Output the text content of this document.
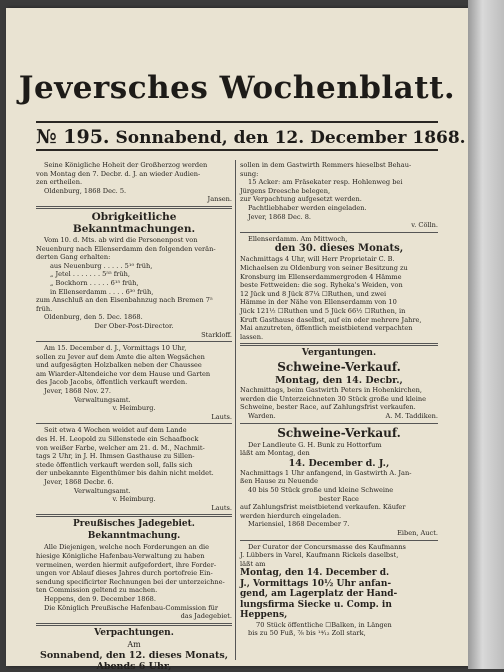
Jeversches Wochenblatt.
№ 195. Sonnabend, den 12. December 1868.

Seine Königliche Hoheit der Großherzog werden

von Montag den 7. Decbr. d. J. an wieder Audien-

zen ertheilen.

Oldenburg, 1868 Dec. 5.

Jansen.

Obrigkeitliche Bekanntmachungen.

Vom 10. d. Mts. ab wird die Personenpost von

Neuenburg nach Ellenserdamm den folgenden verän-

derten Gang erhalten:

aus Neuenburg . . . . . 5¹⁰ früh,

„ Jetel . . . . . . . 5⁵⁵ früh,

„ Bockhorn . . . . . 6¹⁵ früh,

in Ellenserdamm . . . . 6³⁰ früh,

zum Anschluß an den Eisenbahnzug nach Bremen 7⁵

früh.

Oldenburg, den 5. Dec. 1868.

Der Ober-Post-Director.

Starkloff.

Am 15. December d. J., Vormittags 10 Uhr,

sollen zu Jever auf dem Amte die alten Wegsächen

und aufgesägten Holzbalken neben der Chaussee

am Wiarder-Altendeiche vor dem Hause und Garten

des Jacob Jacobs, öffentlich verkauft werden.

Jever, 1868 Nov. 27.

Verwaltungsamt.

v. Heimburg.

Lauts.

Seit etwa 4 Wochen weidet auf dem Lande

des H. H. Leopold zu Sillenstede ein Schaafbock

von weißer Farbe, welcher am 21. d. M., Nachmit-

tags 2 Uhr, in J. H. Ihmsen Gasthause zu Sillen-

stede öffentlich verkauft werden soll, falls sich

der unbekannte Eigenthümer bis dahin nicht meldet.

Jever, 1868 Decbr. 6.

Verwaltungsamt.

v. Heimburg.

Lauts.

Preußisches Jadegebiet.

Bekanntmachung.

Alle Diejenigen, welche noch Forderungen an die

hiesige Königliche Hafenbau-Verwaltung zu haben

vermeinen, werden hiermit aufgefordert, ihre Forder-

ungen vor Ablauf dieses Jahres durch portofreie Ein-

sendung specificirter Rechnungen bei der unterzeichne-

ten Commission geltend zu machen.

Heppens, den 9. December 1868.

Die Königlich Preußische Hafenbau-Commission für

das Jadegebiet.

Verpachtungen.

Am

Sonnabend, den 12. dieses Monats,

Abends 6 Uhr,

sollen in dem Gastwirth Remmers hieselbst Behau-

sung:

15 Ackerː am Fräsekater resp. Hohlenweg bei

Jürgens Dreesche belegen,

zur Verpachtung aufgesetzt werden.

Pachtliebhaber werden eingeladen.

Jever, 1868 Dec. 8.

v. Cölln.

Ellenserdamm. Am Mittwoch,

den 30. dieses Monats,

Nachmittags 4 Uhr, will Herr Proprietair C. B.

Michaelsen zu Oldenburg von seiner Besitzung zu

Kronsburg im Ellenserdammergroden 4 Hämme

beste Fettweiden: die sog. Ryheka's Weiden, von

12 Jück und 8 Jück 87¼ ☐Ruthen, und zwei

Hämme in der Nähe von Ellenserdamm von 10

Jück 121½ ☐Ruthen und 5 Jück 66½ ☐Ruthen, in

Kruft Gasthause daselbst, auf ein oder mehrere Jahre,

Mai anzutreten, öffentlich meistbietend verpachten

lassen.

Vergantungen.

Schweine-Verkauf.

Montag, den 14. Decbr.,

Nachmittags, beim Gastwirth Peters in Hohenkirchen,

werden die Unterzeichneten 30 Stück große und kleine

Schweine, bester Race, auf Zahlungsfrist verkaufen.

Warden.	A. M. Taddiken.

Schweine-Verkauf.

Der Landleute G. H. Bunk zu Hottorfum

läßt am Montag, den

14. December d. J.,

Nachmittags 1 Uhr anfangend, in Gastwirth A. Jan-

ßen Hause zu Neuende

40 bis 50 Stück große und kleine Schweine

bester Race

auf Zahlungsfrist meistbietend verkaufen. Käufer

werden hierdurch eingeladen.

Mariensiel, 1868 December 7.

Eiben, Auct.

Der Curator der Concursmasse des Kaufmanns

J. Lübbers in Varel, Kaufmann Rickels daselbst,

läßt am

Montag, den 14. December d.

J., Vormittags 10½ Uhr anfan-

gend, am Lagerplatz der Hand-

lungsfirma Siecke u. Comp. in

Heppens,

70 Stück öffentliche ☐Balken, in Längen

bis zu 50 Fuß, ⅞ bis ¹⁴⁄₁₂ Zoll stark,
